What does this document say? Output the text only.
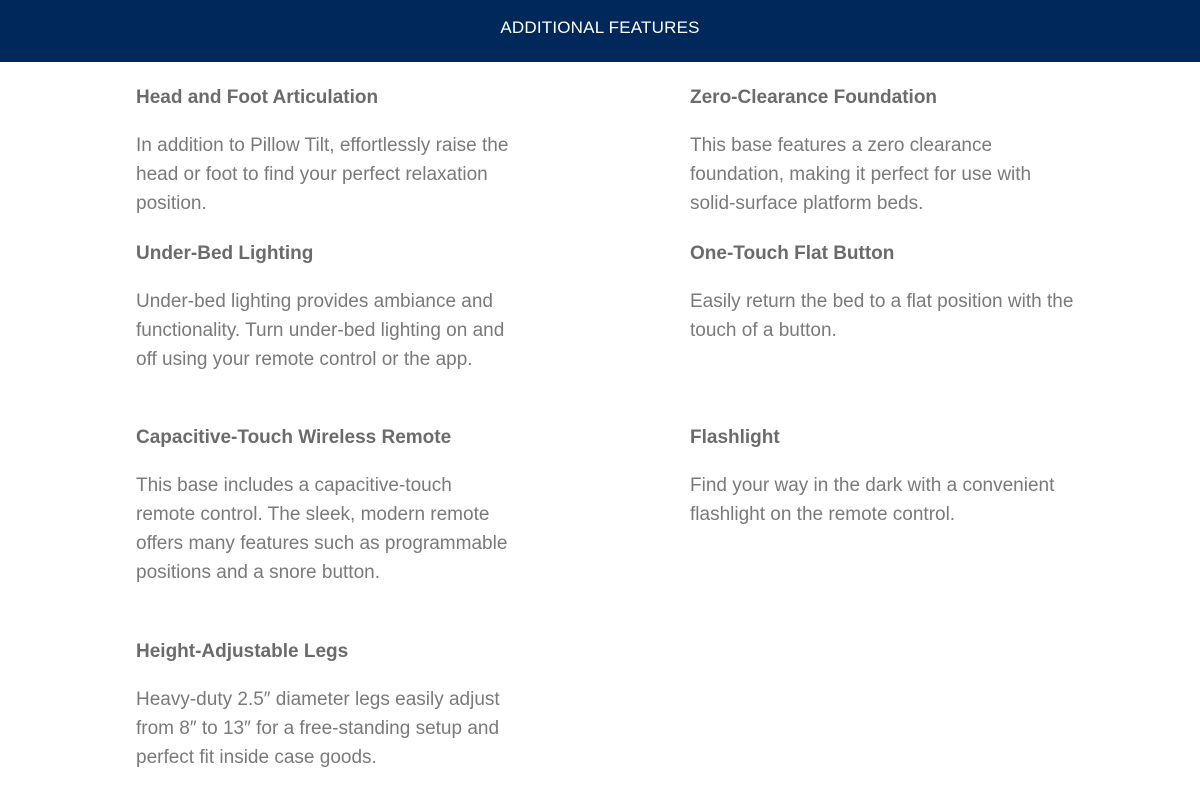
ADDITIONAL FEATURES
Head and Foot Articulation

In addition to Pillow Tilt, effortlessly raise the head or foot to find your perfect relaxation position.

Under-Bed Lighting

Under-bed lighting provides ambiance and functionality. Turn under-bed lighting on and off using your remote control or the app.

Capacitive-Touch Wireless Remote

This base includes a capacitive-touch remote control. The sleek, modern remote offers many features such as programmable positions and a snore button.

Height-Adjustable Legs

Heavy-duty 2.5″ diameter legs easily adjust from 8″ to 13″ for a free-standing setup and perfect fit inside case goods.

Zero-Clearance Foundation

This base features a zero clearance foundation, making it perfect for use with solid-surface platform beds.

One-Touch Flat Button

Easily return the bed to a flat position with the touch of a button.

Flashlight

Find your way in the dark with a convenient flashlight on the remote control.
